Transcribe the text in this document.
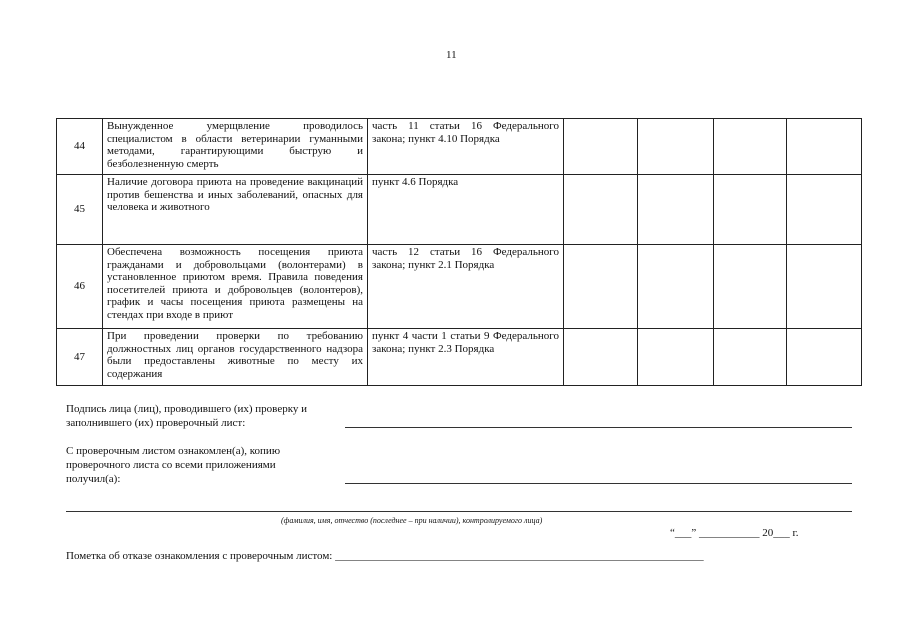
11
44	Вынужденное умерщвление проводилось специалистом в области ветеринарии гуманными методами, гарантирующими быструю и безболезненную смерть	часть 11 статьи 16 Федерального закона; пункт 4.10 Порядка				
45	Наличие договора приюта на проведение вакцинаций против бешенства и иных заболеваний, опасных для человека и животного	пункт 4.6 Порядка				
46	Обеспечена возможность посещения приюта гражданами и добровольцами (волонтерами) в установленное приютом время. Правила поведения посетителей приюта и добровольцев (волонтеров), график и часы посещения приюта размещены на стендах при входе в приют	часть 12 статьи 16 Федерального закона; пункт 2.1 Порядка				
47	При проведении проверки по требованию должностных лиц органов государственного надзора были предоставлены животные по месту их содержания	пункт 4 части 1 статьи 9 Федерального закона; пункт 2.3 Порядка				
Подпись лица (лиц), проводившего (их) проверку и заполнившего (их) проверочный лист:
С проверочным листом ознакомлен(а), копию проверочного листа со всеми приложениями получил(а):
(фамилия, имя, отчество (последнее – при наличии), контролируемого лица)
“___” ___________ 20___ г.
Пометка об отказе ознакомления с проверочным листом: ___________________________________________________________________
